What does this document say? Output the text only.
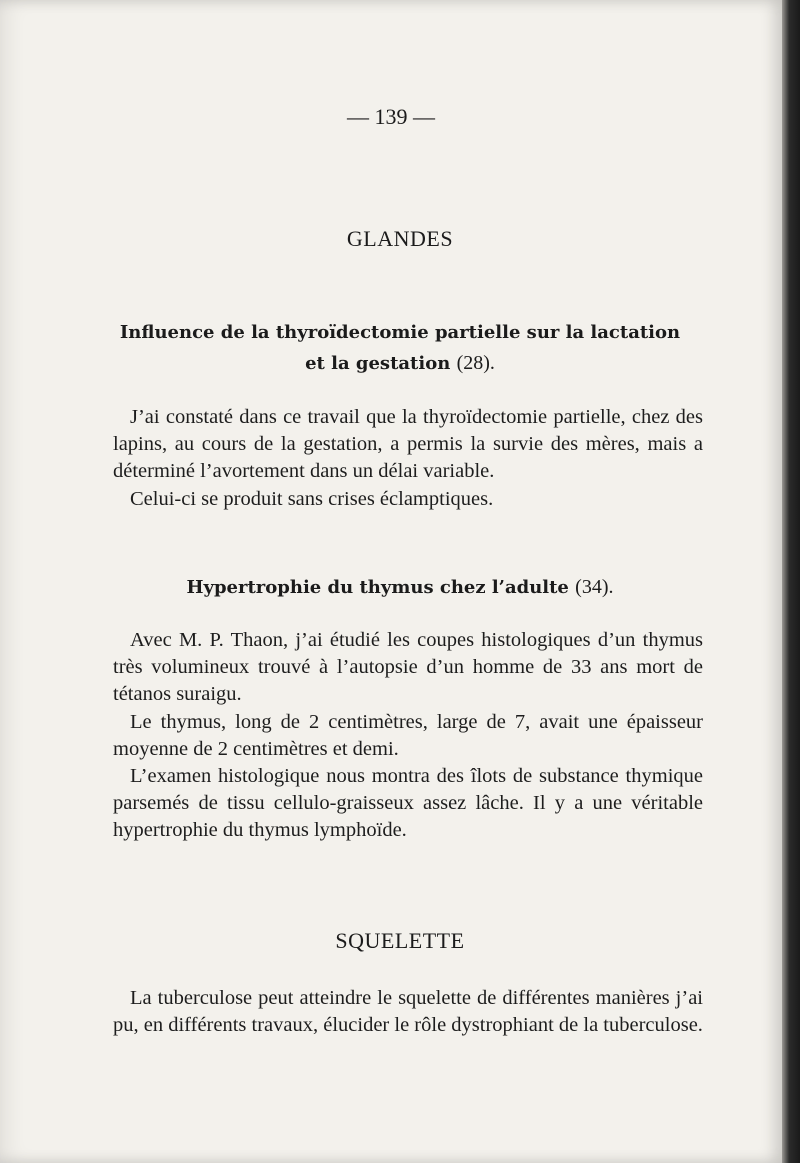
— 139 —
GLANDES
Influence de la thyroïdectomie partielle sur la lactation
et la gestation (28).

J’ai constaté dans ce travail que la thyroïdectomie partielle, chez des lapins, au cours de la gestation, a permis la survie des mères, mais a déterminé l’avortement dans un délai variable.

Celui-ci se produit sans crises éclamptiques.

Hypertrophie du thymus chez l’adulte (34).

Avec M. P. Thaon, j’ai étudié les coupes histologiques d’un thymus très volumineux trouvé à l’autopsie d’un homme de 33 ans mort de tétanos suraigu.

Le thymus, long de 2 centimètres, large de 7, avait une épaisseur moyenne de 2 centimètres et demi.

L’examen histologique nous montra des îlots de substance thymique parsemés de tissu cellulo-graisseux assez lâche. Il y a une véritable hypertrophie du thymus lymphoïde.

SQUELETTE

La tuberculose peut atteindre le squelette de différentes manières j’ai pu, en différents travaux, élucider le rôle dystrophiant de la tuberculose.
